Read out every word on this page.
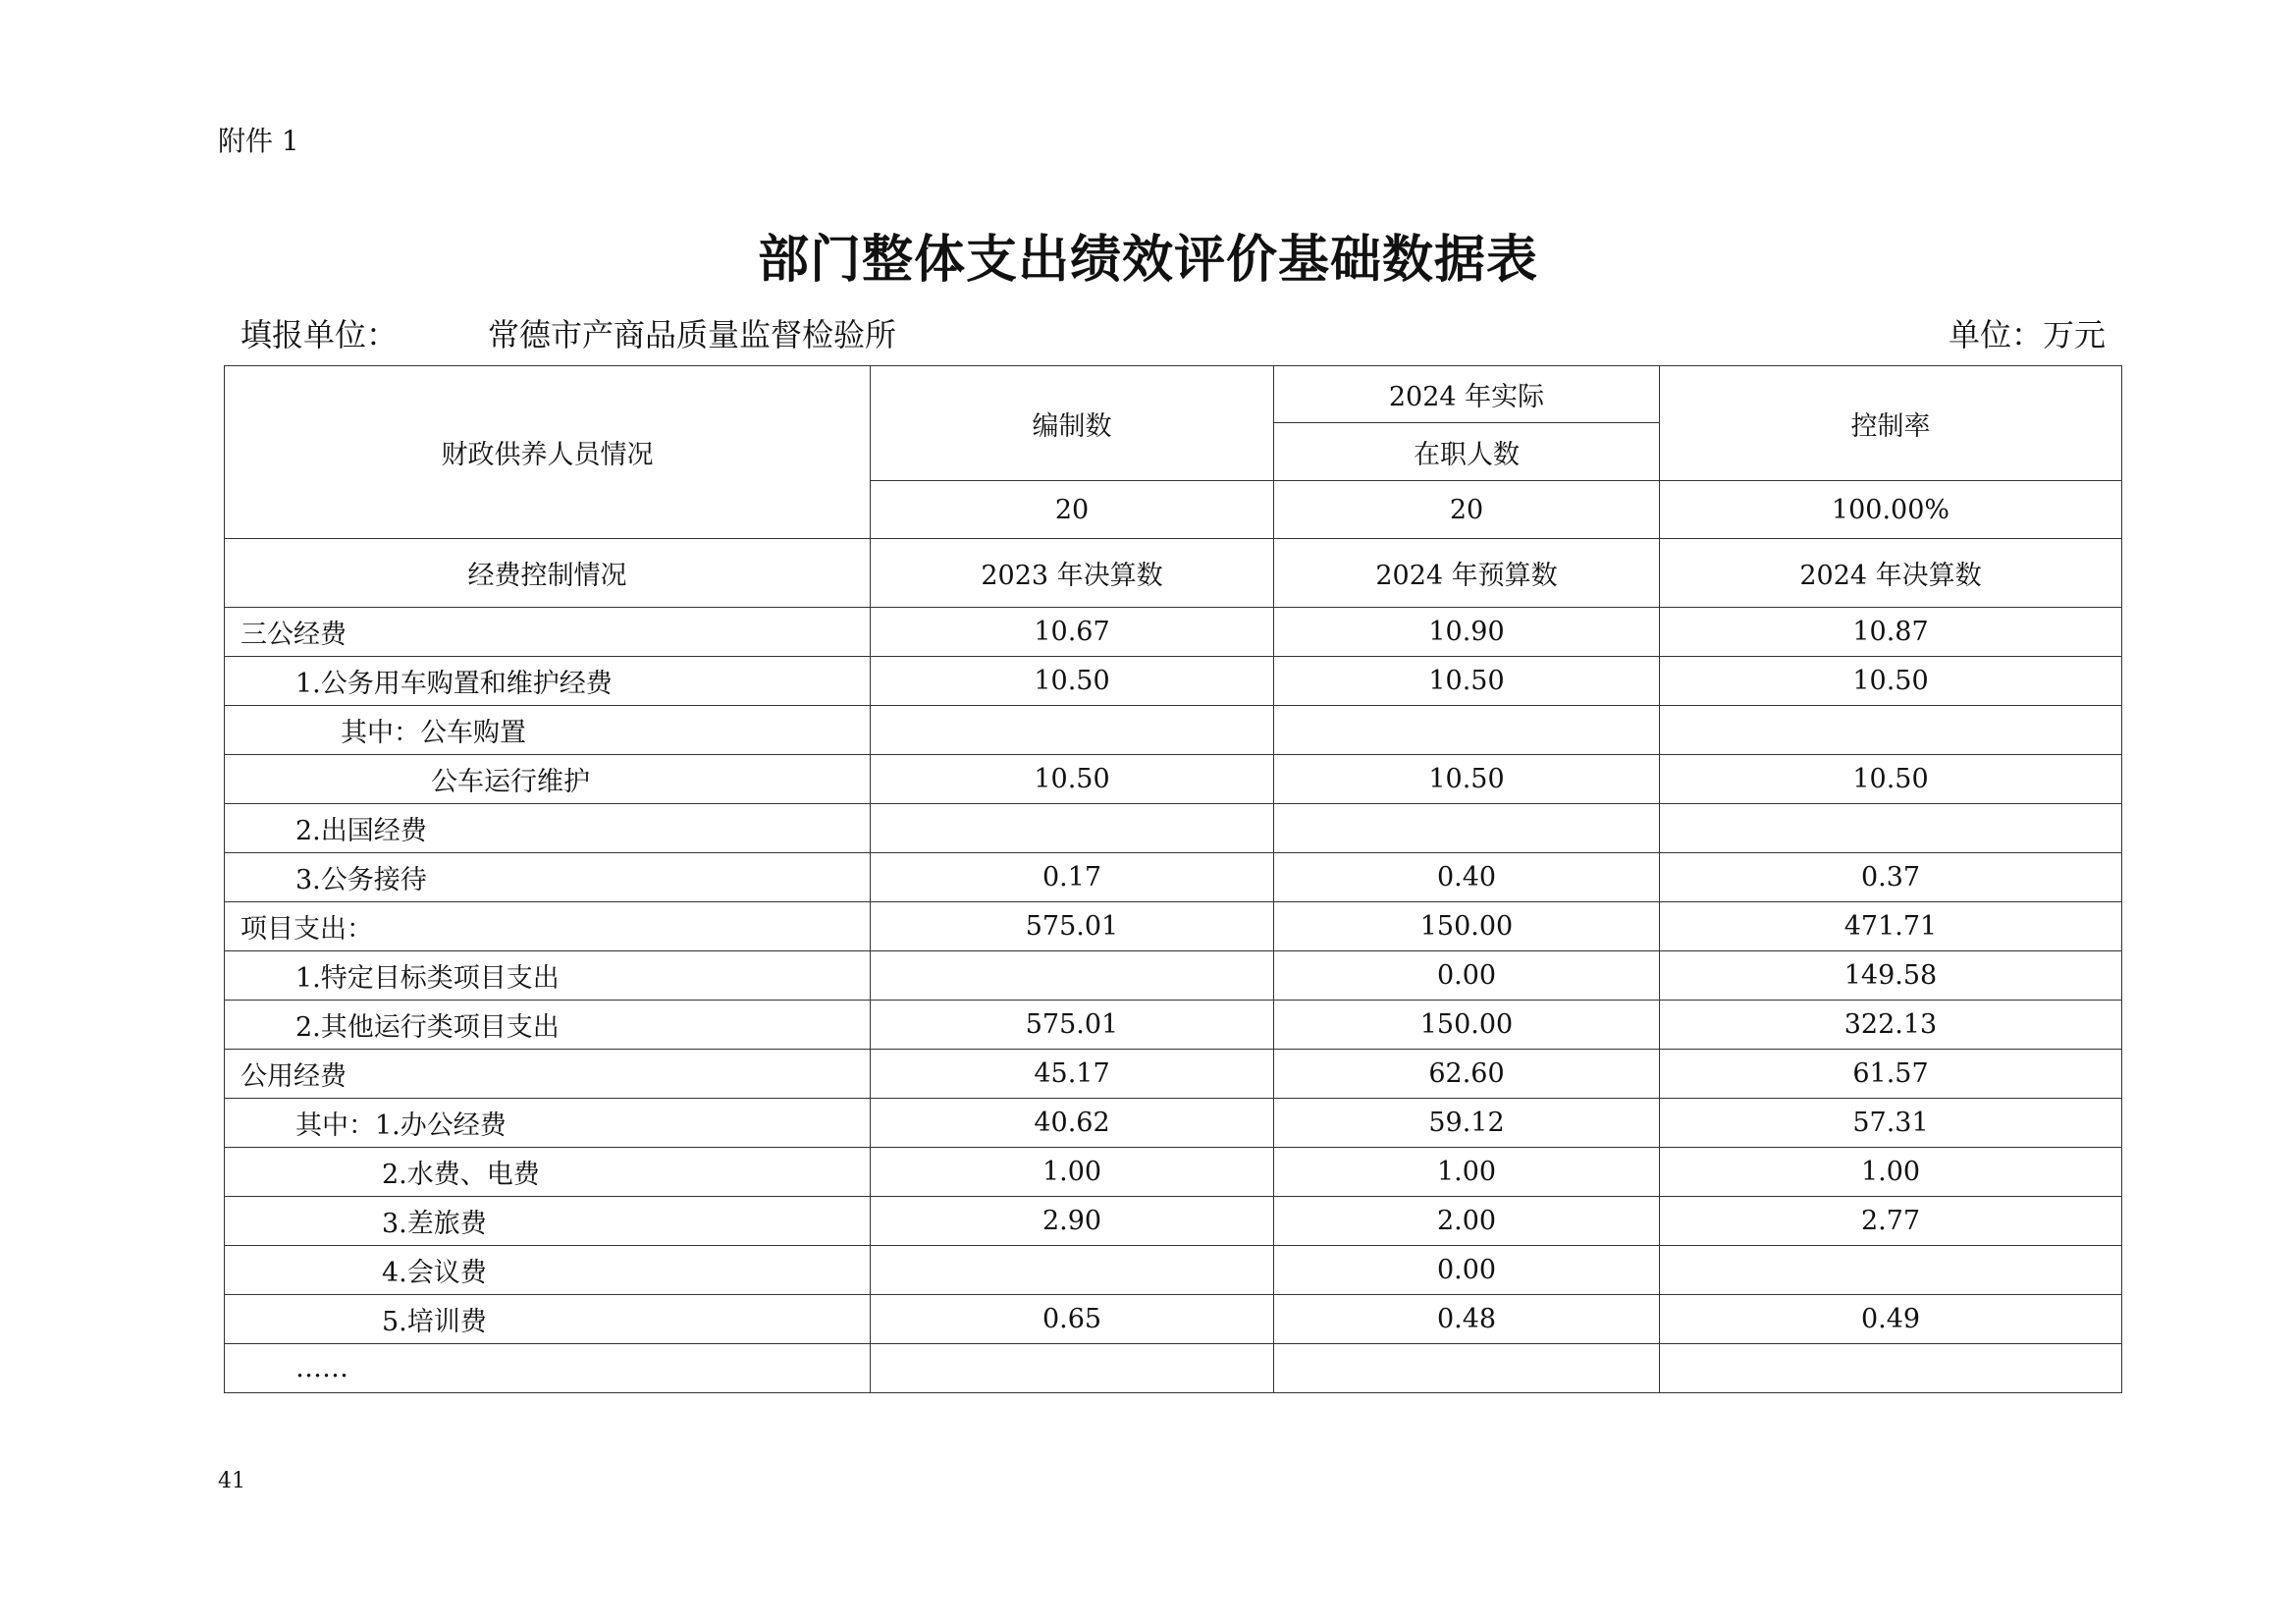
附件 1
部门整体支出绩效评价基础数据表
填报单位：	常德市产商品质量监督检验所	单位：万元
财政供养人员情况	编制数	2024 年实际	控制率
		在职人数	
	20	20	100.00%
经费控制情况	2023 年决算数	2024 年预算数	2024 年决算数
三公经费	10.67	10.90	10.87
1.公务用车购置和维护经费	10.50	10.50	10.50
其中：公车购置			
公车运行维护	10.50	10.50	10.50
2.出国经费			
3.公务接待	0.17	0.40	0.37
项目支出：	575.01	150.00	471.71
1.特定目标类项目支出		0.00	149.58
2.其他运行类项目支出	575.01	150.00	322.13
公用经费	45.17	62.60	61.57
其中：1.办公经费	40.62	59.12	57.31
2.水费、电费	1.00	1.00	1.00
3.差旅费	2.90	2.00	2.77
4.会议费		0.00	
5.培训费	0.65	0.48	0.49
……			
41
